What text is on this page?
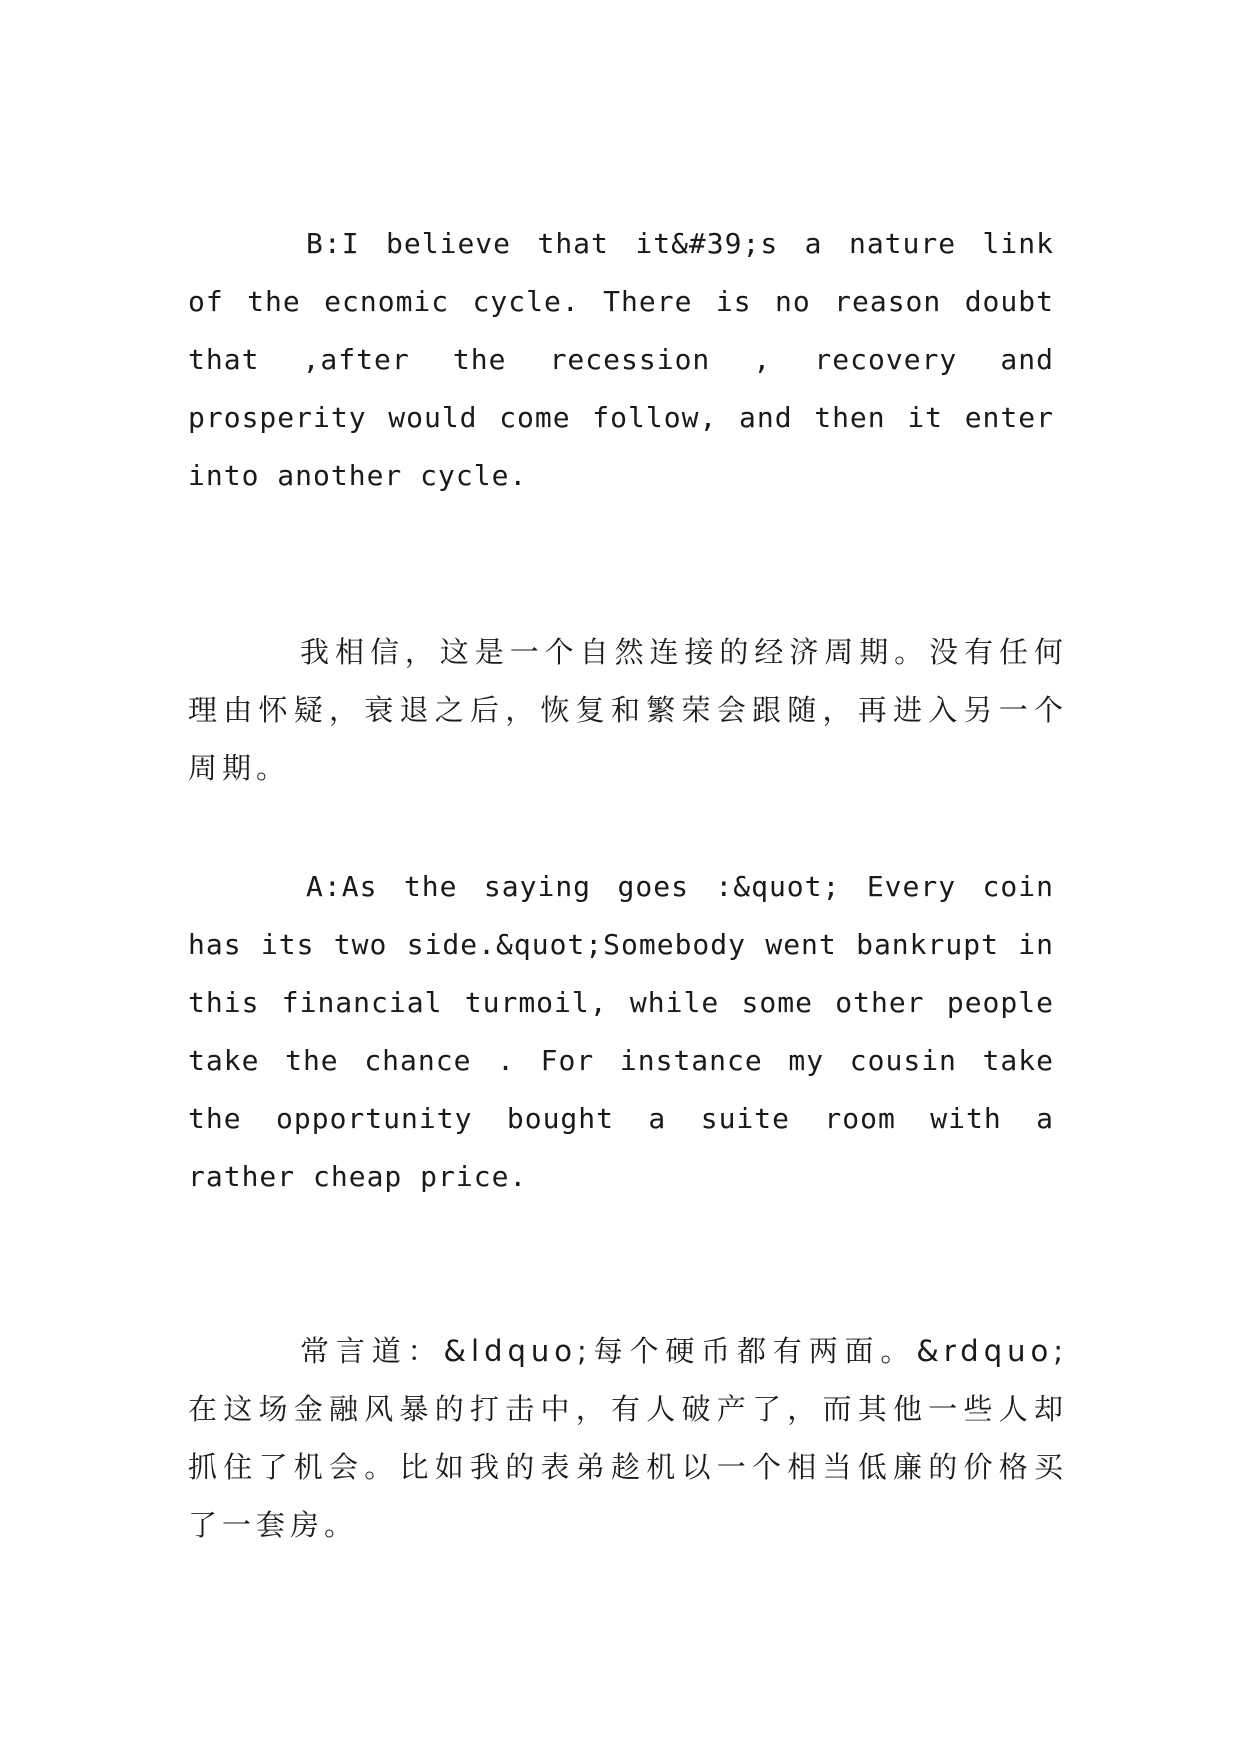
B:I believe that it&#39;s a nature link of the ecnomic cycle. There is no reason doubt that ,after the recession , recovery and prosperity would come follow, and then it enter into another cycle.

我相信，这是一个自然连接的经济周期。没有任何理由怀疑，衰退之后，恢复和繁荣会跟随，再进入另一个周期。

A:As the saying goes :&quot; Every coin has its two side.&quot;Somebody went bankrupt in this financial turmoil, while some other people take the chance . For instance my cousin take the opportunity bought a suite room with a rather cheap price.

常言道：&ldquo;每个硬币都有两面。&rdquo;在这场金融风暴的打击中，有人破产了，而其他一些人却抓住了机会。比如我的表弟趁机以一个相当低廉的价格买了一套房。
